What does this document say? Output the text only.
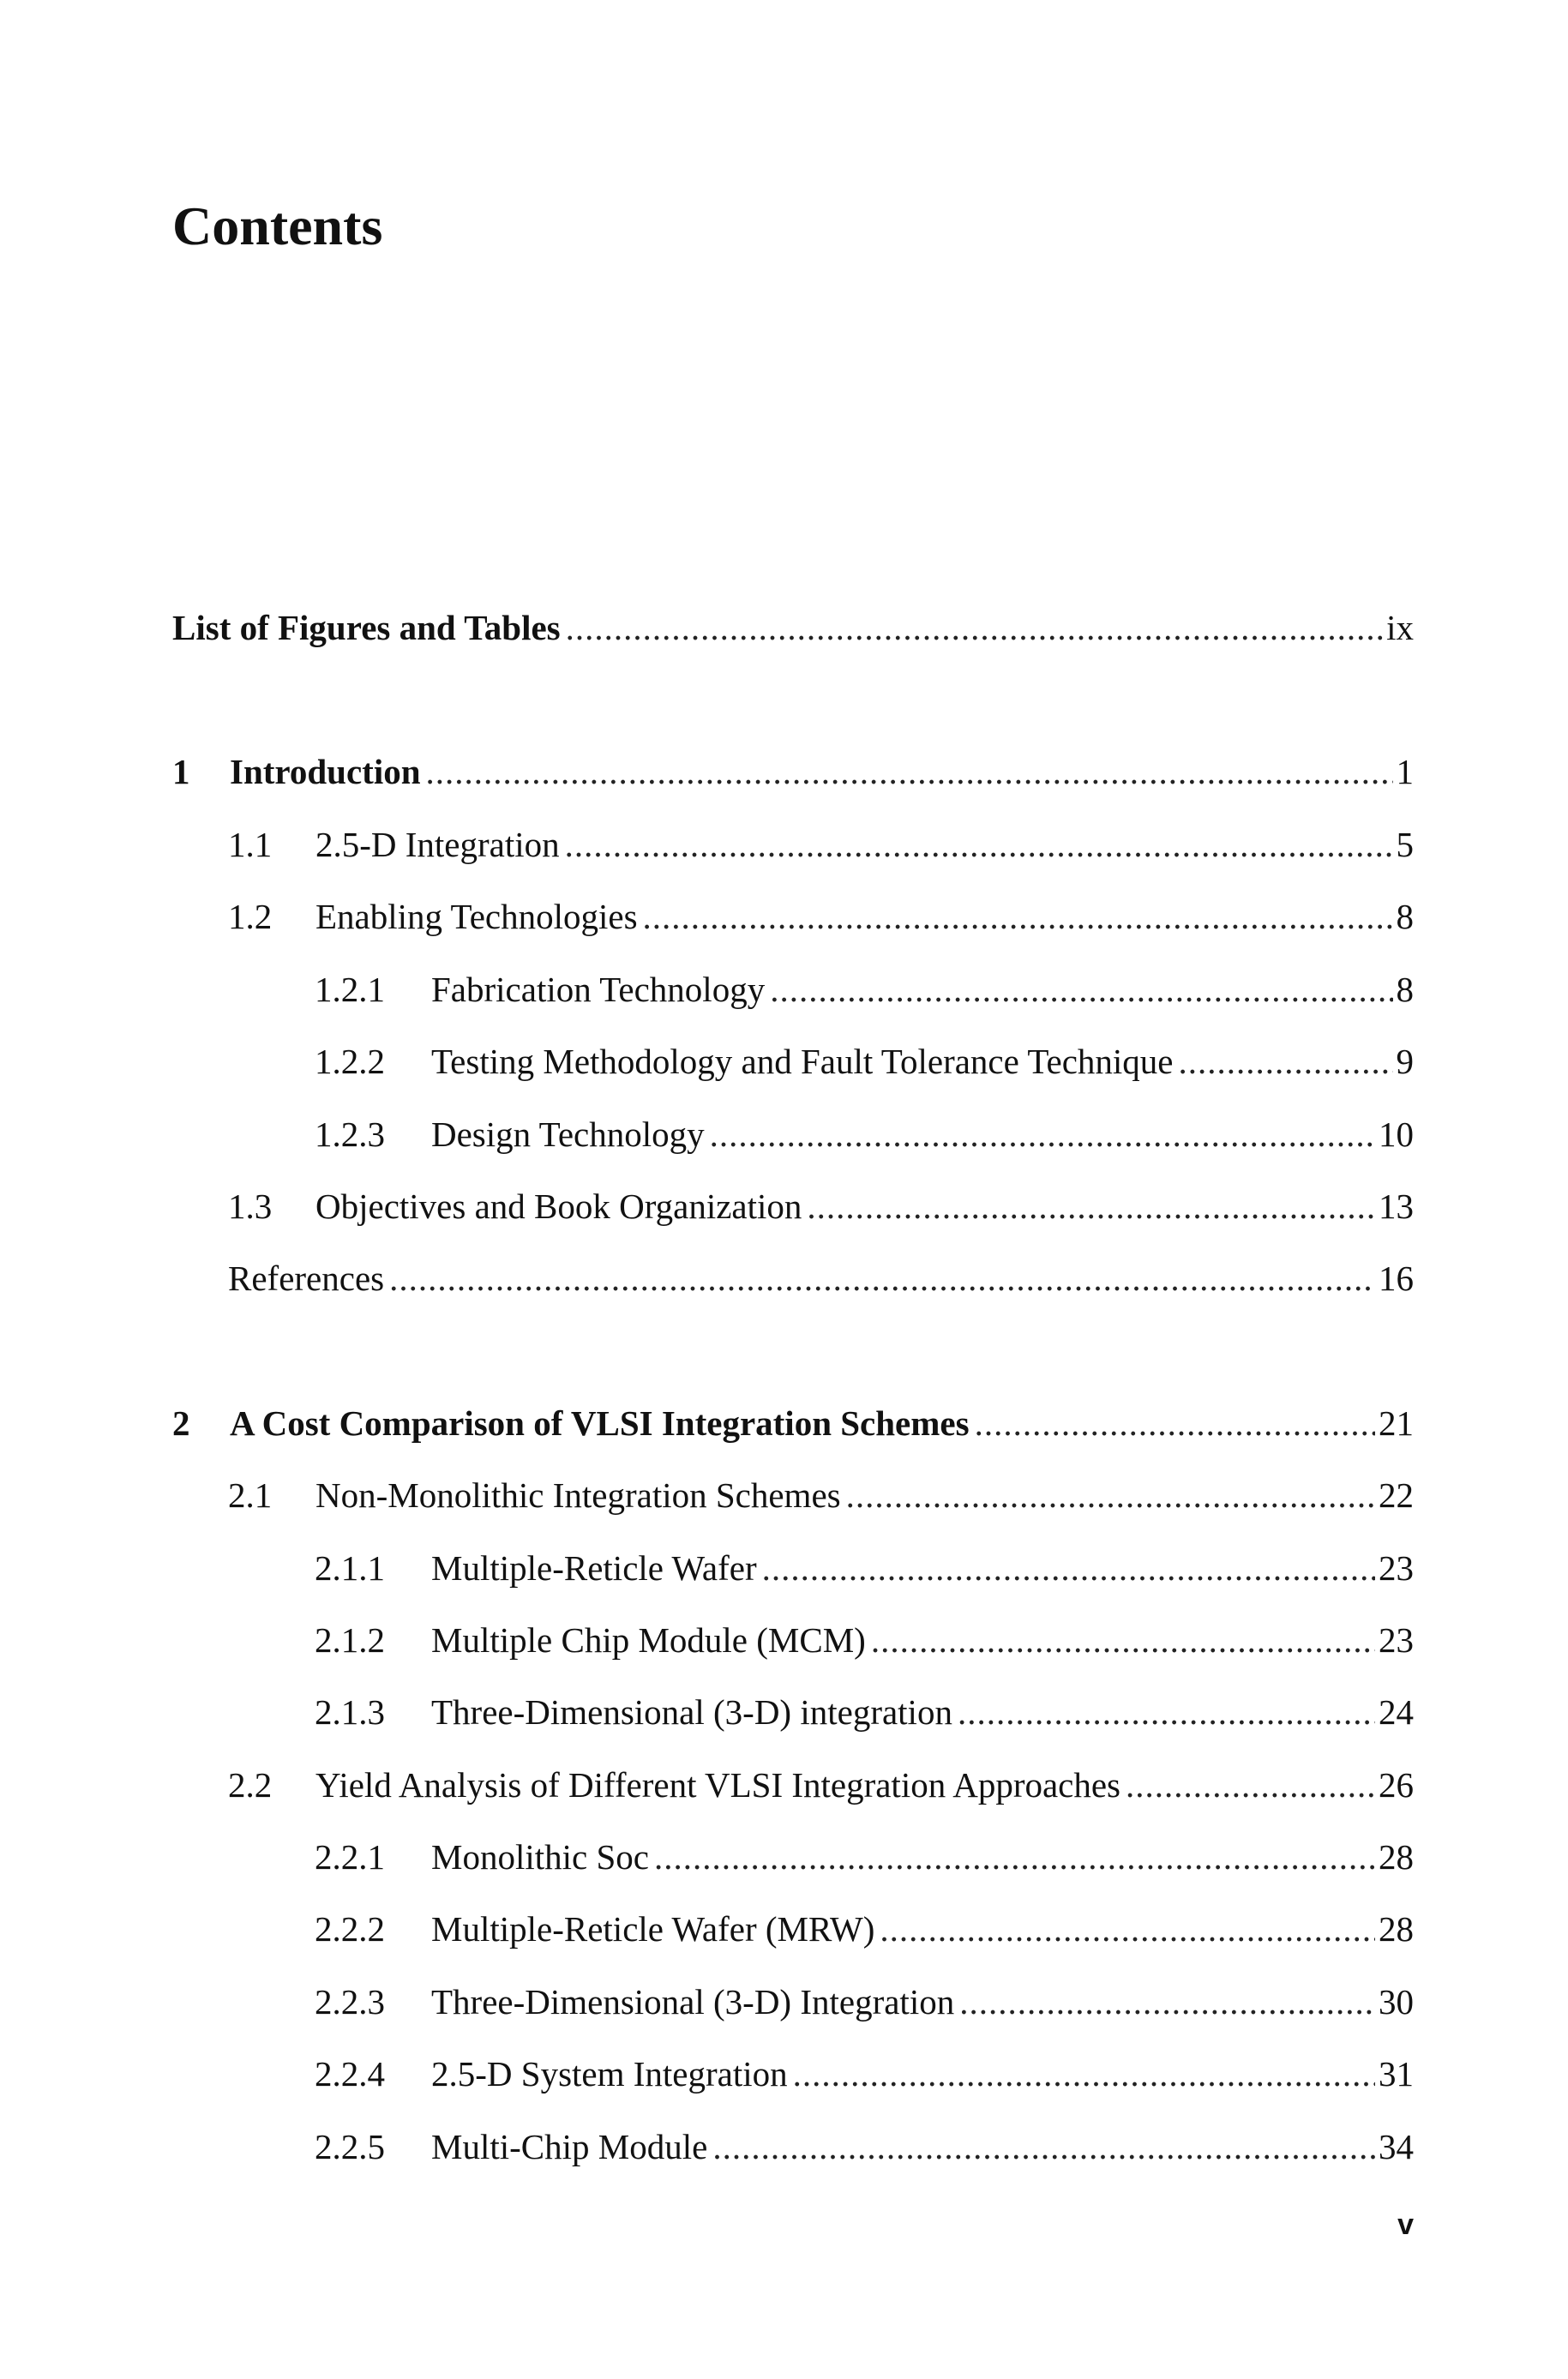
Contents
List of Figures and Tables .....	ix
1	Introduction .....	1
1.1	2.5-D Integration .....	5
1.2	Enabling Technologies .....	8
1.2.1	Fabrication Technology .....	8
1.2.2	Testing Methodology and Fault Tolerance Technique .....	9
1.2.3	Design Technology .....	10
1.3	Objectives and Book Organization .....	13
References .....	16
2	A Cost Comparison of VLSI Integration Schemes .....	21
2.1	Non-Monolithic Integration Schemes .....	22
2.1.1	Multiple-Reticle Wafer .....	23
2.1.2	Multiple Chip Module (MCM) .....	23
2.1.3	Three-Dimensional (3-D) integration .....	24
2.2	Yield Analysis of Different VLSI Integration Approaches .....	26
2.2.1	Monolithic Soc .....	28
2.2.2	Multiple-Reticle Wafer (MRW) .....	28
2.2.3	Three-Dimensional (3-D) Integration .....	30
2.2.4	2.5-D System Integration .....	31
2.2.5	Multi-Chip Module .....	34
v
